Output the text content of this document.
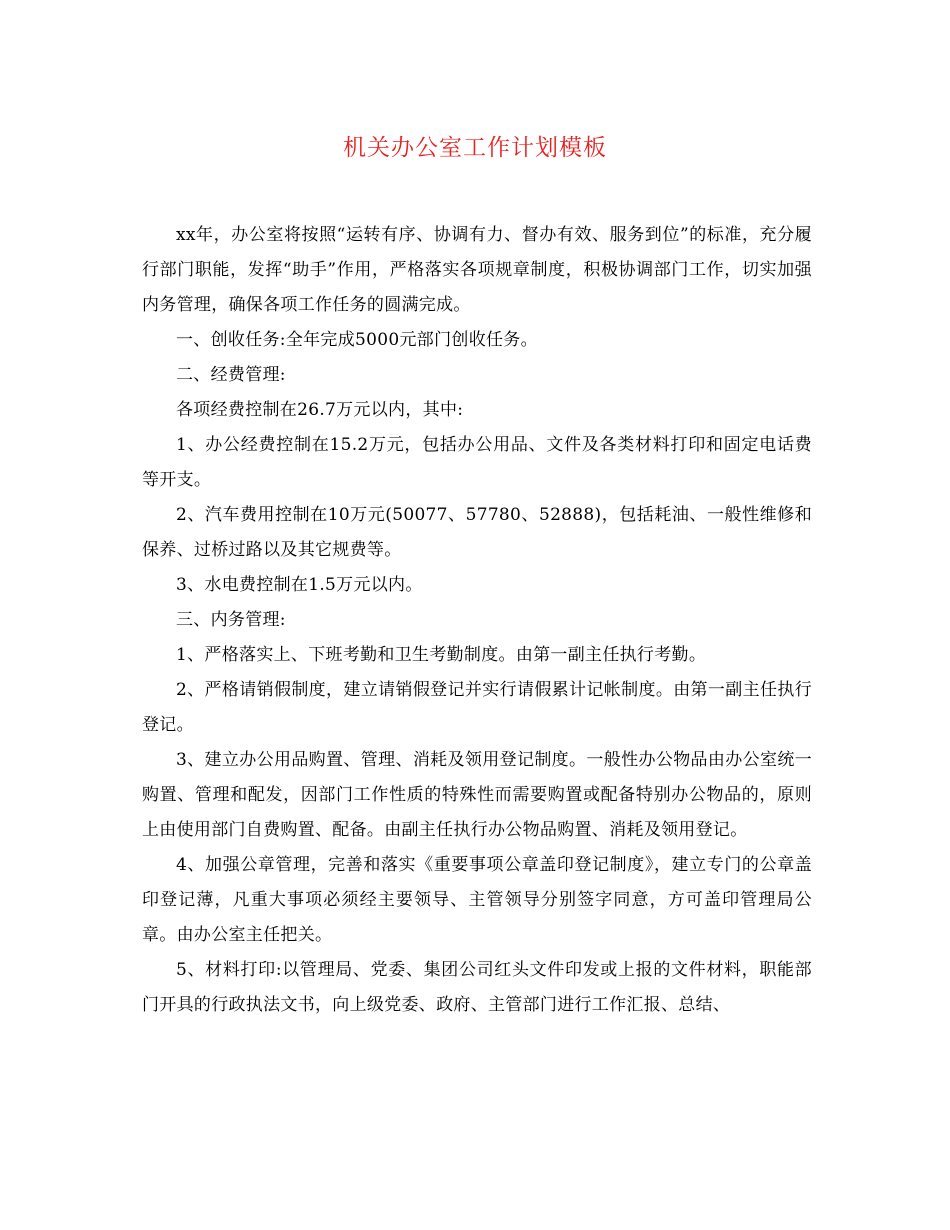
机关办公室工作计划模板

xx年，办公室将按照“运转有序、协调有力、督办有效、服务到位”的标准，充分履行部门职能，发挥“助手”作用，严格落实各项规章制度，积极协调部门工作，切实加强内务管理，确保各项工作任务的圆满完成。

一、创收任务:全年完成5000元部门创收任务。

二、经费管理:

各项经费控制在26.7万元以内，其中:

1、办公经费控制在15.2万元，包括办公用品、文件及各类材料打印和固定电话费等开支。

2、汽车费用控制在10万元(50077、57780、52888)，包括耗油、一般性维修和保养、过桥过路以及其它规费等。

3、水电费控制在1.5万元以内。

三、内务管理:

1、严格落实上、下班考勤和卫生考勤制度。由第一副主任执行考勤。

2、严格请销假制度，建立请销假登记并实行请假累计记帐制度。由第一副主任执行登记。

3、建立办公用品购置、管理、消耗及领用登记制度。一般性办公物品由办公室统一购置、管理和配发，因部门工作性质的特殊性而需要购置或配备特别办公物品的，原则上由使用部门自费购置、配备。由副主任执行办公物品购置、消耗及领用登记。

4、加强公章管理，完善和落实《重要事项公章盖印登记制度》，建立专门的公章盖印登记薄，凡重大事项必须经主要领导、主管领导分别签字同意，方可盖印管理局公章。由办公室主任把关。

5、材料打印:以管理局、党委、集团公司红头文件印发或上报的文件材料，职能部门开具的行政执法文书，向上级党委、政府、主管部门进行工作汇报、总结、
